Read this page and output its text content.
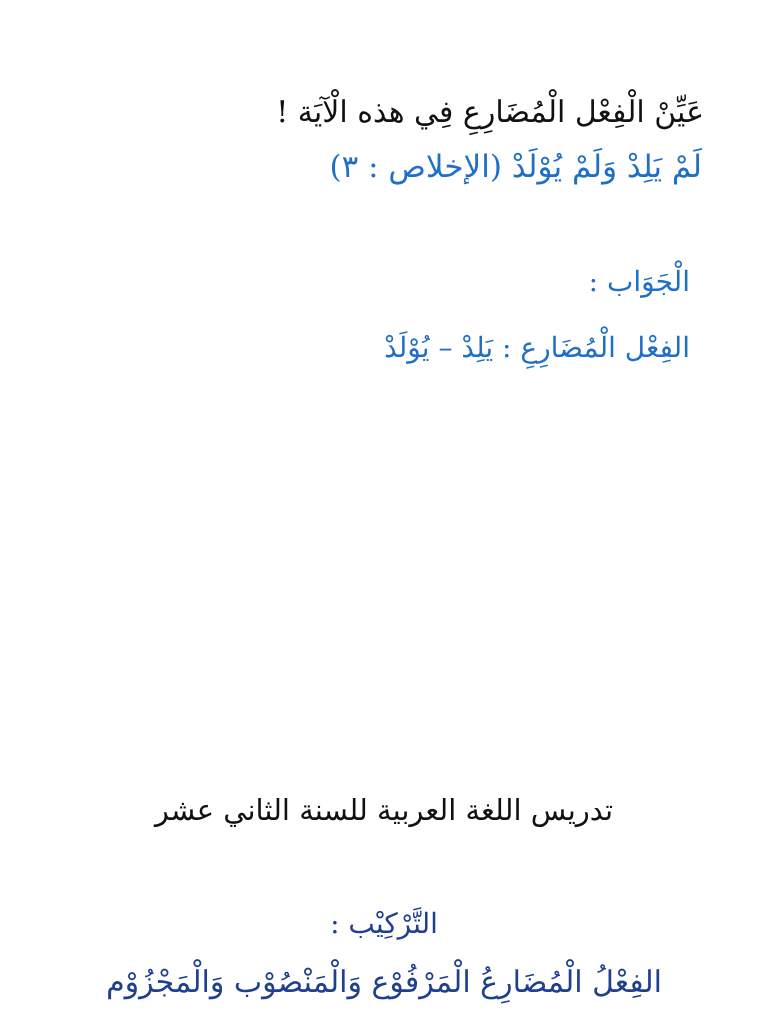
عَيِّنْ الْفِعْل الْمُضَارِعِ فِي هذه الْآيَة !
لَمْ يَلِدْ وَلَمْ يُوْلَدْ (الإخلاص : ٣)
الْجَوَاب :
الفِعْل الْمُضَارِعِ : يَلِدْ – يُوْلَدْ
تدريس اللغة العربية للسنة الثاني عشر
التَّرْكِيْب :
الفِعْلُ الْمُضَارِعُ الْمَرْفُوْع وَالْمَنْصُوْب وَالْمَجْزُوْم
